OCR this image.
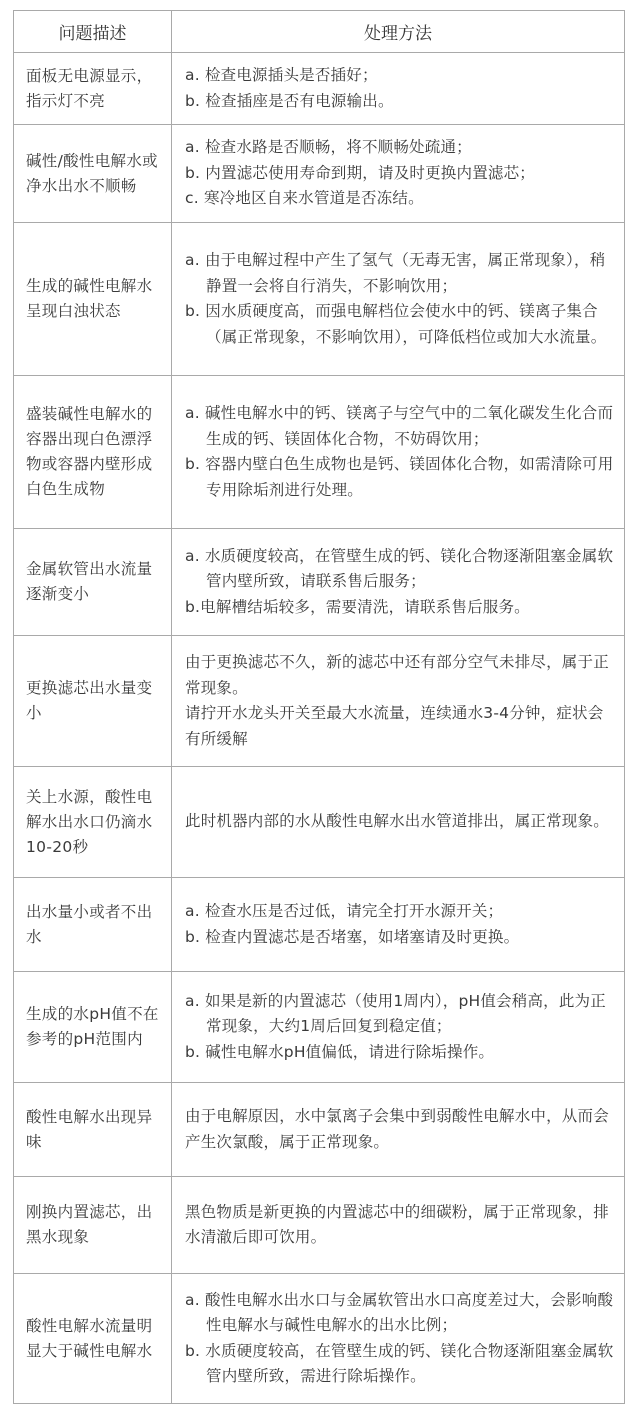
问题描述	处理方法
面板无电源显示，指示灯不亮	a. 检查电源插头是否插好；
b. 检查插座是否有电源输出。

碱性/酸性电解水或净水出水不顺畅	a. 检查水路是否顺畅，将不顺畅处疏通；
b. 内置滤芯使用寿命到期，请及时更换内置滤芯；
c. 寒冷地区自来水管道是否冻结。

生成的碱性电解水呈现白浊状态	a. 由于电解过程中产生了氢气（无毒无害，属正常现象），稍静置一会将自行消失，不影响饮用；
b. 因水质硬度高，而强电解档位会使水中的钙、镁离子集合（属正常现象，不影响饮用），可降低档位或加大水流量。

盛装碱性电解水的容器出现白色漂浮物或容器内壁形成白色生成物	a. 碱性电解水中的钙、镁离子与空气中的二氧化碳发生化合而生成的钙、镁固体化合物，不妨碍饮用；
b. 容器内壁白色生成物也是钙、镁固体化合物，如需清除可用专用除垢剂进行处理。

金属软管出水流量逐渐变小	a. 水质硬度较高，在管壁生成的钙、镁化合物逐渐阻塞金属软管内壁所致，请联系售后服务；
b.电解槽结垢较多，需要清洗，请联系售后服务。

更换滤芯出水量变小	由于更换滤芯不久，新的滤芯中还有部分空气未排尽，属于正常现象。
请拧开水龙头开关至最大水流量，连续通水3-4分钟，症状会有所缓解

关上水源，酸性电解水出水口仍滴水10-20秒	此时机器内部的水从酸性电解水出水管道排出，属正常现象。

出水量小或者不出水	a. 检查水压是否过低，请完全打开水源开关；
b. 检查内置滤芯是否堵塞，如堵塞请及时更换。

生成的水pH值不在参考的pH范围内	a. 如果是新的内置滤芯（使用1周内），pH值会稍高，此为正常现象，大约1周后回复到稳定值；
b. 碱性电解水pH值偏低，请进行除垢操作。

酸性电解水出现异味	由于电解原因，水中氯离子会集中到弱酸性电解水中，从而会产生次氯酸，属于正常现象。

刚换内置滤芯，出黑水现象	黑色物质是新更换的内置滤芯中的细碳粉，属于正常现象，排水清澈后即可饮用。

酸性电解水流量明显大于碱性电解水	a. 酸性电解水出水口与金属软管出水口高度差过大，会影响酸性电解水与碱性电解水的出水比例；
b. 水质硬度较高，在管壁生成的钙、镁化合物逐渐阻塞金属软管内壁所致，需进行除垢操作。
